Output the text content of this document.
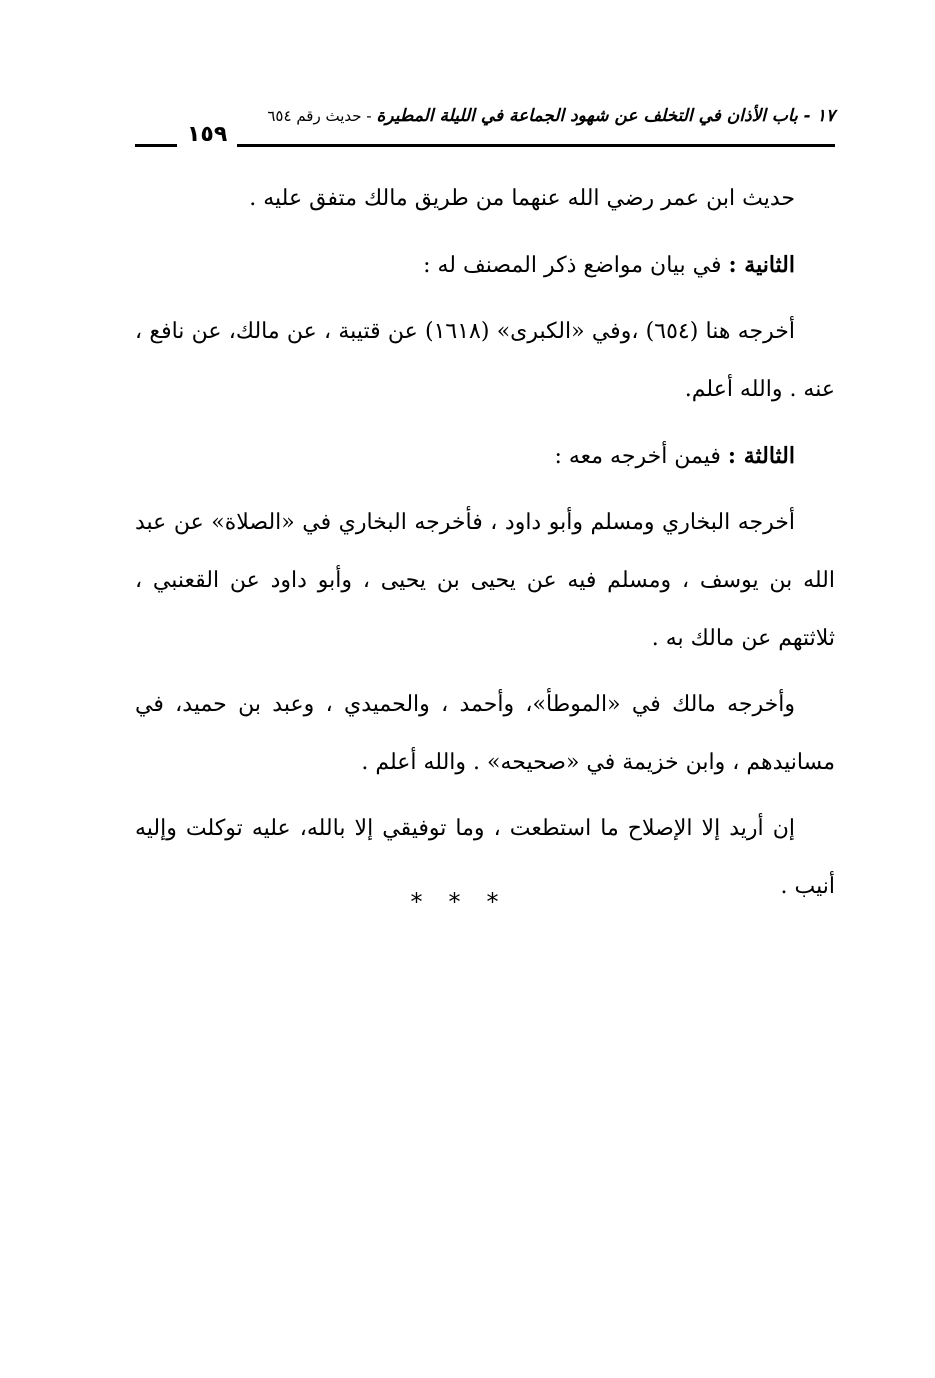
١٧ - باب الأذان في التخلف عن شهود الجماعة في الليلة المطيرة - حديث رقم ٦٥٤
١٥٩

حديث ابن عمر رضي الله عنهما من طريق مالك متفق عليه .

الثانية : في بيان مواضع ذكر المصنف له :

أخرجه هنا (٦٥٤) ،وفي «الكبرى» (١٦١٨) عن قتيبة ، عن مالك، عن نافع ، عنه . والله أعلم.

الثالثة : فيمن أخرجه معه :

أخرجه البخاري ومسلم وأبو داود ، فأخرجه البخاري في «الصلاة» عن عبد الله بن يوسف ، ومسلم فيه عن يحيى بن يحيى ، وأبو داود عن القعنبي ، ثلاثتهم عن مالك به .

وأخرجه مالك في «الموطأ»، وأحمد ، والحميدي ، وعبد بن حميد، في مسانيدهم ، وابن خزيمة في «صحيحه» . والله أعلم .

إن أريد إلا الإصلاح ما استطعت ، وما توفيقي إلا بالله، عليه توكلت وإليه أنيب .

***
